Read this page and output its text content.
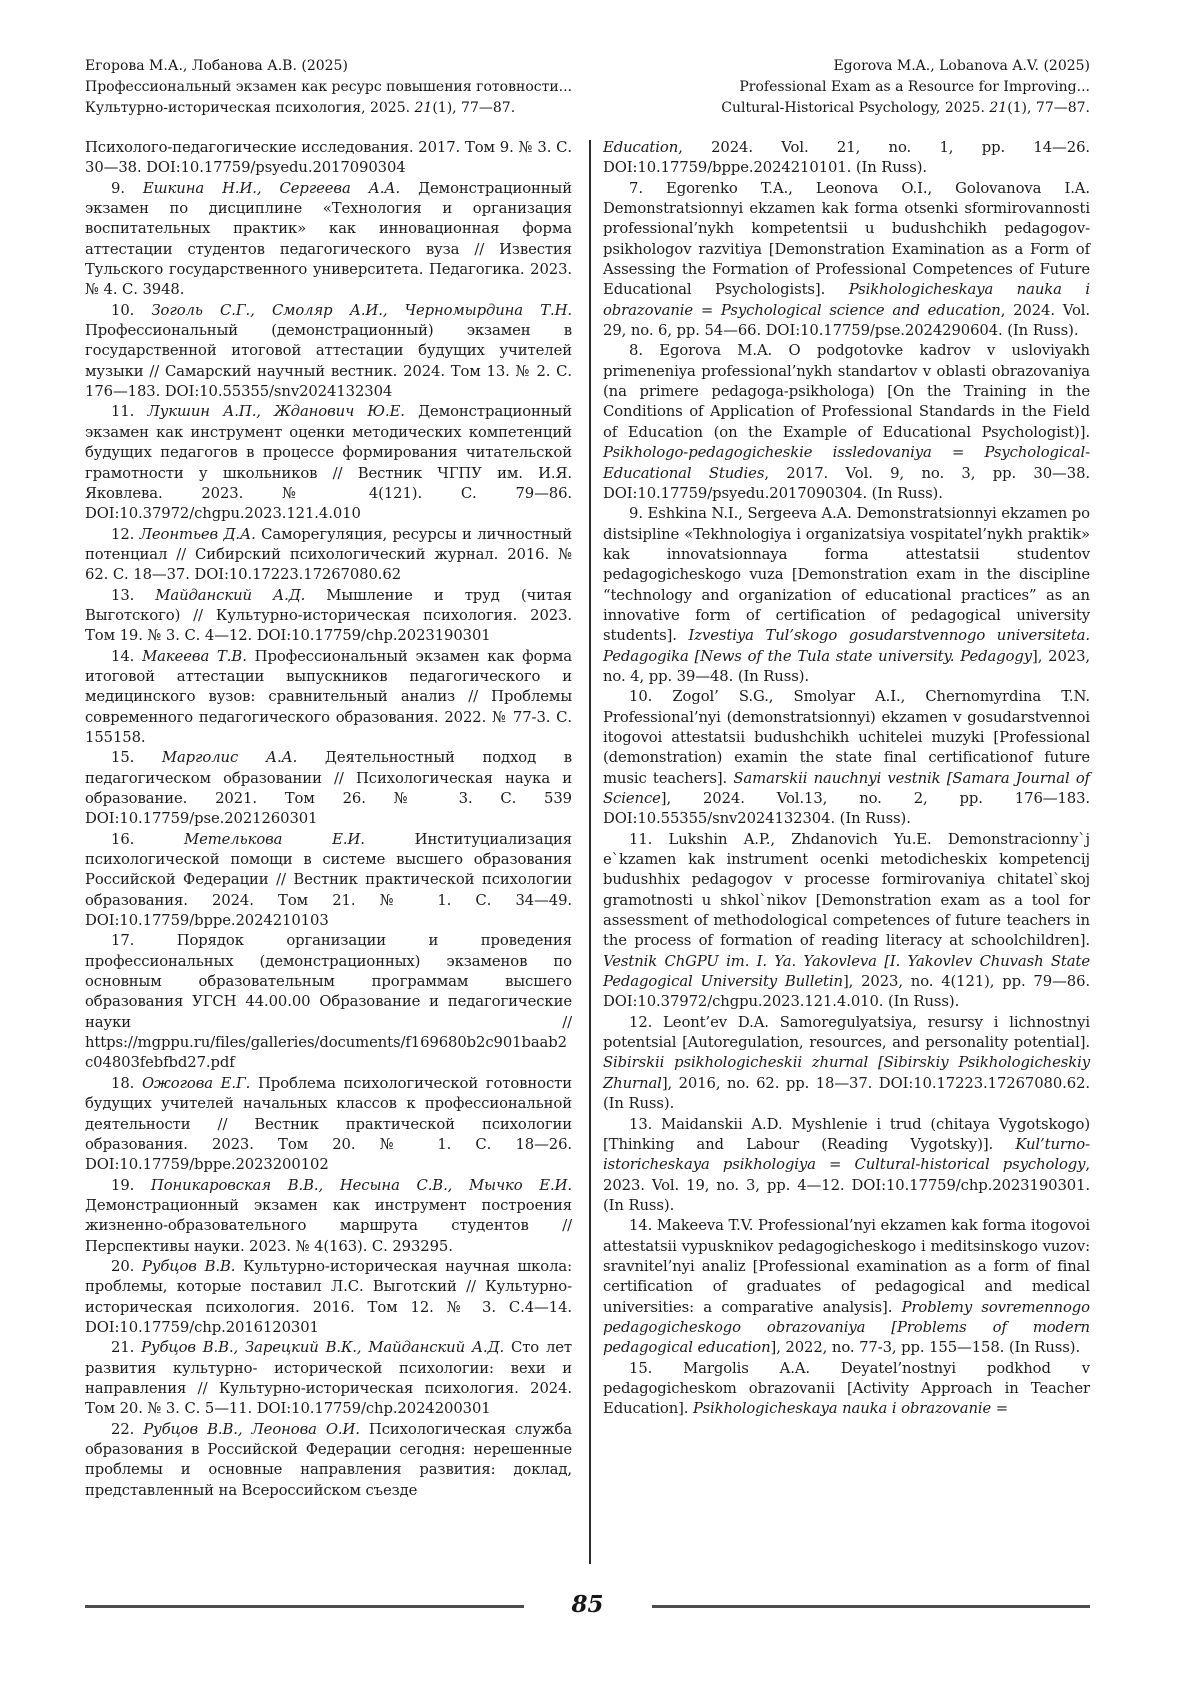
Егорова М.А., Лобанова А.В. (2025)
Профессиональный экзамен как ресурс повышения готовности...
Культурно-историческая психология, 2025. 21(1), 77—87.
Egorova M.A., Lobanova A.V. (2025)
Professional Exam as a Resource for Improving...
Cultural-Historical Psychology, 2025. 21(1), 77—87.

Психолого-педагогические исследования. 2017. Том 9. № 3. С. 30—38. DOI:10.17759/psyedu.2017090304

9. Ешкина Н.И., Сергеева А.А. Демонстрационный экзамен по дисциплине «Технология и организация воспитательных практик» как инновационная форма аттестации студентов педагогического вуза // Известия Тульского государственного университета. Педагогика. 2023. № 4. С. 3948.

10. Зоголь С.Г., Смоляр А.И., Черномырдина Т.Н. Профессиональный (демонстрационный) экзамен в государственной итоговой аттестации будущих учителей музыки // Самарский научный вестник. 2024. Том 13. № 2. С. 176—183. DOI:10.55355/snv2024132304

11. Лукшин А.П., Жданович Ю.Е. Демонстрационный экзамен как инструмент оценки методических компетенций будущих педагогов в процессе формирования читательской грамотности у школьников // Вестник ЧГПУ им. И.Я. Яковлева. 2023. № 4(121). С. 79—86. DOI:10.37972/chgpu.2023.121.4.010

12. Леонтьев Д.А. Саморегуляция, ресурсы и личностный потенциал // Сибирский психологический журнал. 2016. № 62. С. 18—37. DOI:10.17223.17267080.62

13. Майданский А.Д. Мышление и труд (читая Выготского) // Культурно-историческая психология. 2023. Том 19. № 3. С. 4—12. DOI:10.17759/chp.2023190301

14. Макеева Т.В. Профессиональный экзамен как форма итоговой аттестации выпускников педагогического и медицинского вузов: сравнительный анализ // Проблемы современного педагогического образования. 2022. № 77-3. С. 155158.

15. Марголис А.А. Деятельностный подход в педагогическом образовании // Психологическая наука и образование. 2021. Том 26. № 3. С. 539 DOI:10.17759/pse.2021260301

16. Метелькова Е.И. Институциализация психологической помощи в системе высшего образования Российской Федерации // Вестник практической психологии образования. 2024. Том 21. № 1. С. 34—49. DOI:10.17759/bppe.2024210103

17. Порядок организации и проведения профессиональных (демонстрационных) экзаменов по основным образовательным программам высшего образования УГСН 44.00.00 Образование и педагогические науки // https://mgppu.ru/files/galleries/documents/f169680b2c901baab2c04803febfbd27.pdf

18. Ожогова Е.Г. Проблема психологической готовности будущих учителей начальных классов к профессиональной деятельности // Вестник практической психологии образования. 2023. Том 20. № 1. С. 18—26. DOI:10.17759/bppe.2023200102

19. Поникаровская В.В., Несына С.В., Мычко Е.И. Демонстрационный экзамен как инструмент построения жизненно-образовательного маршрута студентов // Перспективы науки. 2023. № 4(163). С. 293295.

20. Рубцов В.В. Культурно-историческая научная школа: проблемы, которые поставил Л.С. Выготский // Культурно-историческая психология. 2016. Том 12. № 3. С.4—14. DOI:10.17759/chp.2016120301

21. Рубцов В.В., Зарецкий В.К., Майданский А.Д. Сто лет развития культурно- исторической психологии: вехи и направления // Культурно-историческая психология. 2024. Том 20. № 3. С. 5—11. DOI:10.17759/chp.2024200301

22. Рубцов В.В., Леонова О.И. Психологическая служба образования в Российской Федерации сегодня: нерешенные проблемы и основные направления развития: доклад, представленный на Всероссийском съезде

Education, 2024. Vol. 21, no. 1, pp. 14—26. DOI:10.17759/bppe.2024210101. (In Russ).

7. Egorenko T.A., Leonova O.I., Golovanova I.A. Demonstratsionnyi ekzamen kak forma otsenki sformirovannosti professional’nykh kompetentsii u budushchikh pedagogov-psikhologov razvitiya [Demonstration Examination as a Form of Assessing the Formation of Professional Competences of Future Educational Psychologists]. Psikhologicheskaya nauka i obrazovanie = Psychological science and education, 2024. Vol. 29, no. 6, pp. 54—66. DOI:10.17759/pse.2024290604. (In Russ).

8. Egorova M.A. O podgotovke kadrov v usloviyakh primeneniya professional’nykh standartov v oblasti obrazovaniya (na primere pedagoga-psikhologa) [On the Training in the Conditions of Application of Professional Standards in the Field of Education (on the Example of Educational Psychologist)]. Psikhologo-pedagogicheskie issledovaniya = Psychological-Educational Studies, 2017. Vol. 9, no. 3, pp. 30—38. DOI:10.17759/psyedu.2017090304. (In Russ).

9. Eshkina N.I., Sergeeva A.A. Demonstratsionnyi ekzamen po distsipline «Tekhnologiya i organizatsiya vospitatel’nykh praktik» kak innovatsionnaya forma attestatsii studentov pedagogicheskogo vuza [Demonstration exam in the discipline “technology and organization of educational practices” as an innovative form of certification of pedagogical university students]. Izvestiya Tul’skogo gosudarstvennogo universiteta. Pedagogika [News of the Tula state university. Pedagogy], 2023, no. 4, pp. 39—48. (In Russ).

10. Zogol’ S.G., Smolyar A.I., Chernomyrdina T.N. Professional’nyi (demonstratsionnyi) ekzamen v gosudarstvennoi itogovoi attestatsii budushchikh uchitelei muzyki [Professional (demonstration) examin the state final certificationof future music teachers]. Samarskii nauchnyi vestnik [Samara Journal of Science], 2024. Vol.13, no. 2, pp. 176—183. DOI:10.55355/snv2024132304. (In Russ).

11. Lukshin A.P., Zhdanovich Yu.E. Demonstracionny`j e`kzamen kak instrument ocenki metodicheskix kompetencij budushhix pedagogov v processe formirovaniya chitatel`skoj gramotnosti u shkol`nikov [Demonstration exam as a tool for assessment of methodological competences of future teachers in the process of formation of reading literacy at schoolchildren]. Vestnik ChGPU im. I. Ya. Yakovleva [I. Yakovlev Chuvash State Pedagogical University Bulletin], 2023, no. 4(121), pp. 79—86. DOI:10.37972/chgpu.2023.121.4.010. (In Russ).

12. Leont’ev D.A. Samoregulyatsiya, resursy i lichnostnyi potentsial [Autoregulation, resources, and personality potential]. Sibirskii psikhologicheskii zhurnal [Sibirskiy Psikhologicheskiy Zhurnal], 2016, no. 62. pp. 18—37. DOI:10.17223.17267080.62. (In Russ).

13. Maidanskii A.D. Myshlenie i trud (chitaya Vygotskogo) [Thinking and Labour (Reading Vygotsky)]. Kul’turno-istoricheskaya psikhologiya = Cultural-historical psychology, 2023. Vol. 19, no. 3, pp. 4—12. DOI:10.17759/chp.2023190301. (In Russ).

14. Makeeva T.V. Professional’nyi ekzamen kak forma itogovoi attestatsii vypusknikov pedagogicheskogo i meditsinskogo vuzov: sravnitel’nyi analiz [Professional examination as a form of final certification of graduates of pedagogical and medical universities: a comparative analysis]. Problemy sovremennogo pedagogicheskogo obrazovaniya [Problems of modern pedagogical education], 2022, no. 77-3, pp. 155—158. (In Russ).

15. Margolis A.A. Deyatel’nostnyi podkhod v pedagogicheskom obrazovanii [Activity Approach in Teacher Education]. Psikhologicheskaya nauka i obrazovanie =

85
